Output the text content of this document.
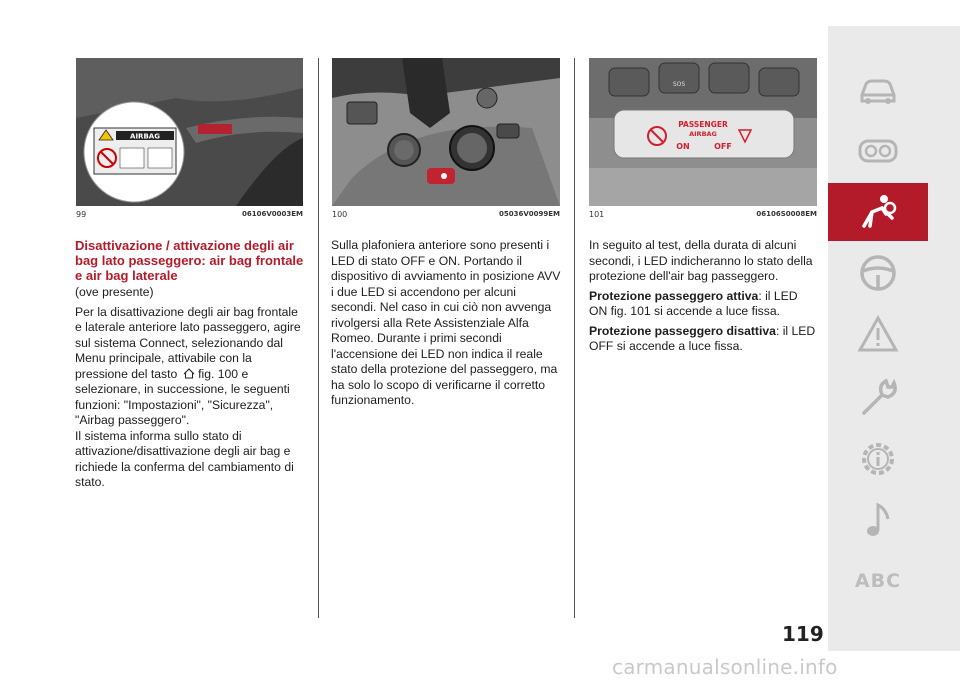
AIRBAG
99	06106V0003EM	100	05036V0099EM
SOS
PASSENGER
AIRBAG
ON	OFF
101	06106S0008EM
Disattivazione / attivazione degli air bag lato passeggero: air bag frontale e air bag laterale
(ove presente)
Per la disattivazione degli air bag frontale e laterale anteriore lato passeggero, agire sul sistema Connect, selezionando dal Menu principale, attivabile con la pressione del tasto fig. 100 e selezionare, in successione, le seguenti funzioni: "Impostazioni", "Sicurezza", "Airbag passeggero".
Il sistema informa sullo stato di attivazione/disattivazione degli air bag e richiede la conferma del cambiamento di stato.
Sulla plafoniera anteriore sono presenti i LED di stato OFF e ON. Portando il dispositivo di avviamento in posizione AVV i due LED si accendono per alcuni secondi. Nel caso in cui ciò non avvenga rivolgersi alla Rete Assistenziale Alfa Romeo. Durante i primi secondi l'accensione dei LED non indica il reale stato della protezione del passeggero, ma ha solo lo scopo di verificarne il corretto funzionamento.
In seguito al test, della durata di alcuni secondi, i LED indicheranno lo stato della protezione dell'air bag passeggero.
Protezione passeggero attiva: il LED ON fig. 101 si accende a luce fissa.
Protezione passeggero disattiva: il LED OFF si accende a luce fissa.
ABC
119
carmanualsonline.info
